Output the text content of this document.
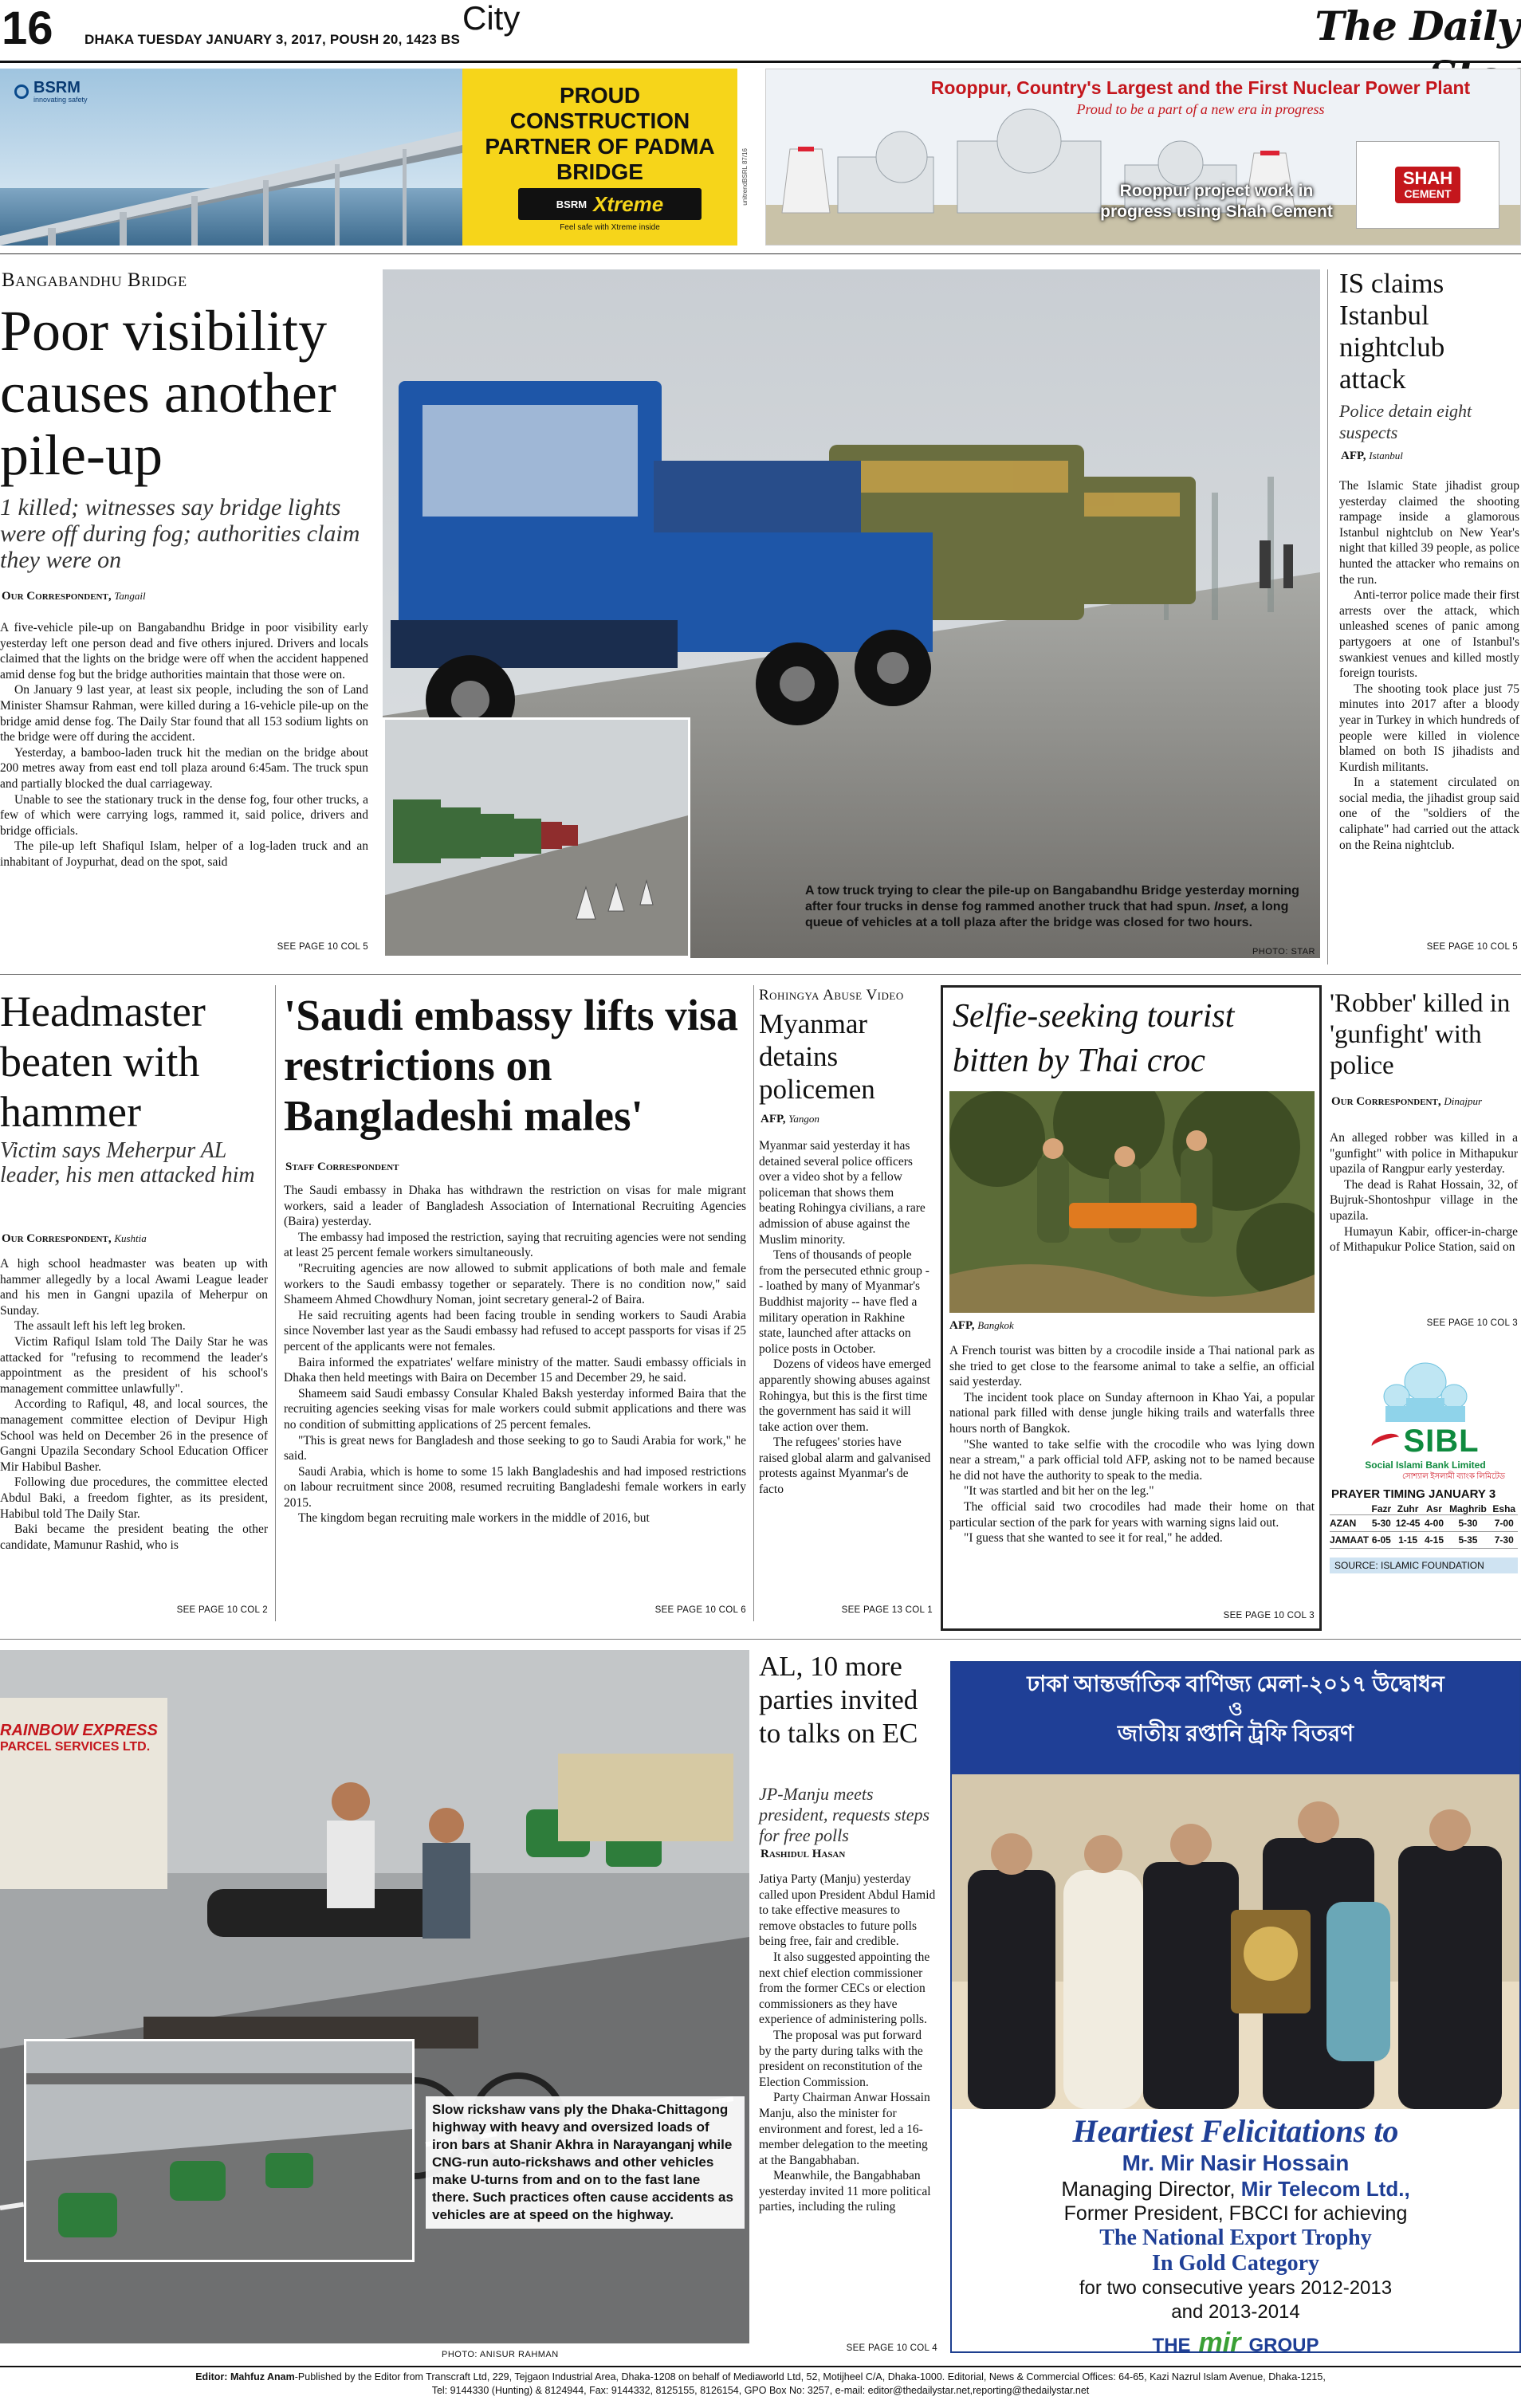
16 DHAKA TUESDAY JANUARY 3, 2017, POUSH 20, 1423 BS
City	The Daily
BSRM
innovating safety	PROUD CONSTRUCTION PARTNER OF PADMA BRIDGE
BSRM Xtreme
Feel safe with Xtreme inside
unitrendBSRL 87/16
Rooppur, Country's Largest and the First Nuclear Power Plant
Proud to be a part of a new era in progress
Rooppur project work in progress using Shah Cement
SHAH
CEMENT
Bangabandhu Bridge
Poor visibility causes another pile-up
1 killed; witnesses say bridge lights were off during fog; authorities claim they were on
Our Correspondent, Tangail

A five-vehicle pile-up on Bangabandhu Bridge in poor visibility early yesterday left one person dead and five others injured. Drivers and locals claimed that the lights on the bridge were off when the accident happened amid dense fog but the bridge authorities maintain that those were on.

On January 9 last year, at least six people, including the son of Land Minister Shamsur Rahman, were killed during a 16-vehicle pile-up on the bridge amid dense fog. The Daily Star found that all 153 sodium lights on the bridge were off during the accident.

Yesterday, a bamboo-laden truck hit the median on the bridge about 200 metres away from east end toll plaza around 6:45am. The truck spun and partially blocked the dual carriageway.

Unable to see the stationary truck in the dense fog, four other trucks, a few of which were carrying logs, rammed it, said police, drivers and bridge officials.

The pile-up left Shafiqul Islam, helper of a log-laden truck and an inhabitant of Joypurhat, dead on the spot, said

SEE PAGE 10 COL 5
A tow truck trying to clear the pile-up on Bangabandhu Bridge yesterday morning after four trucks in dense fog rammed another truck that had spun. Inset, a long queue of vehicles at a toll plaza after the bridge was closed for two hours.
PHOTO: STAR
IS claims Istanbul nightclub attack
Police detain eight suspects
AFP, Istanbul

The Islamic State jihadist group yesterday claimed the shooting rampage inside a glamorous Istanbul nightclub on New Year's night that killed 39 people, as police hunted the attacker who remains on the run.

Anti-terror police made their first arrests over the attack, which unleashed scenes of panic among partygoers at one of Istanbul's swankiest venues and killed mostly foreign tourists.

The shooting took place just 75 minutes into 2017 after a bloody year in Turkey in which hundreds of people were killed in violence blamed on both IS jihadists and Kurdish militants.

In a statement circulated on social media, the jihadist group said one of the "soldiers of the caliphate" had carried out the attack on the Reina nightclub.

SEE PAGE 10 COL 5
Headmaster beaten with hammer
Victim says Meherpur AL leader, his men attacked him
Our Correspondent, Kushtia

A high school headmaster was beaten up with hammer allegedly by a local Awami League leader and his men in Gangni upazila of Meherpur on Sunday.

The assault left his left leg broken.

Victim Rafiqul Islam told The Daily Star he was attacked for "refusing to recommend the leader's appointment as the president of his school's management committee unlawfully".

According to Rafiqul, 48, and local sources, the management committee election of Devipur High School was held on December 26 in the presence of Gangni Upazila Secondary School Education Officer Mir Habibul Basher.

Following due procedures, the committee elected Abdul Baki, a freedom fighter, as its president, Habibul told The Daily Star.

Baki became the president beating the other candidate, Mamunur Rashid, who is

SEE PAGE 10 COL 2
'Saudi embassy lifts visa restrictions on Bangladeshi males'
Staff Correspondent

The Saudi embassy in Dhaka has withdrawn the restriction on visas for male migrant workers, said a leader of Bangladesh Association of International Recruiting Agencies (Baira) yesterday.

The embassy had imposed the restriction, saying that recruiting agencies were not sending at least 25 percent female workers simultaneously.

"Recruiting agencies are now allowed to submit applications of both male and female workers to the Saudi embassy together or separately. There is no condition now," said Shameem Ahmed Chowdhury Noman, joint secretary general-2 of Baira.

He said recruiting agents had been facing trouble in sending workers to Saudi Arabia since November last year as the Saudi embassy had refused to accept passports for visas if 25 percent of the applicants were not females.

Baira informed the expatriates' welfare ministry of the matter. Saudi embassy officials in Dhaka then held meetings with Baira on December 15 and December 29, he said.

Shameem said Saudi embassy Consular Khaled Baksh yesterday informed Baira that the recruiting agencies seeking visas for male workers could submit applications and there was no condition of submitting applications of 25 percent females.

"This is great news for Bangladesh and those seeking to go to Saudi Arabia for work," he said.

Saudi Arabia, which is home to some 15 lakh Bangladeshis and had imposed restrictions on labour recruitment since 2008, resumed recruiting Bangladeshi female workers in early 2015.

The kingdom began recruiting male workers in the middle of 2016, but

SEE PAGE 10 COL 6
Rohingya Abuse Video
Myanmar detains policemen
AFP, Yangon

Myanmar said yesterday it has detained several police officers over a video shot by a fellow policeman that shows them beating Rohingya civilians, a rare admission of abuse against the Muslim minority.

Tens of thousands of people from the persecuted ethnic group -- loathed by many of Myanmar's Buddhist majority -- have fled a military operation in Rakhine state, launched after attacks on police posts in October.

Dozens of videos have emerged apparently showing abuses against Rohingya, but this is the first time the government has said it will take action over them.

The refugees' stories have raised global alarm and galvanised protests against Myanmar's de facto

SEE PAGE 13 COL 1
Selfie-seeking tourist bitten by Thai croc
AFP, Bangkok

A French tourist was bitten by a crocodile inside a Thai national park as she tried to get close to the fearsome animal to take a selfie, an official said yesterday.

The incident took place on Sunday afternoon in Khao Yai, a popular national park filled with dense jungle hiking trails and waterfalls three hours north of Bangkok.

"She wanted to take selfie with the crocodile who was lying down near a stream," a park official told AFP, asking not to be named because he did not have the authority to speak to the media.

"It was startled and bit her on the leg."

The official said two crocodiles had made their home on that particular section of the park for years with warning signs laid out.

"I guess that she wanted to see it for real," he added.

SEE PAGE 10 COL 3
'Robber' killed in 'gunfight' with police
Our Correspondent, Dinajpur

An alleged robber was killed in a "gunfight" with police in Mithapukur upazila of Rangpur early yesterday.

The dead is Rahat Hossain, 32, of Bujruk-Shontoshpur village in the upazila.

Humayun Kabir, officer-in-charge of Mithapukur Police Station, said on

SEE PAGE 10 COL 3
SIBL
Social Islami Bank Limited
সোশ্যাল ইসলামী ব্যাংক লিমিটেড
PRAYER TIMING JANUARY 3
	Fazr	Zuhr	Asr	Maghrib	Esha
AZAN	5-30	12-45	4-00	5-30	7-00
JAMAAT	6-05	1-15	4-15	5-35	7-30
SOURCE: ISLAMIC FOUNDATION
RAINBOW EXPRESS
PARCEL SERVICES LTD.
Slow rickshaw vans ply the Dhaka-Chittagong highway with heavy and oversized loads of iron bars at Shanir Akhra in Narayanganj while CNG-run auto-rickshaws and other vehicles make U-turns from and on to the fast lane there. Such practices often cause accidents as vehicles are at speed on the highway.
PHOTO: ANISUR RAHMAN
AL, 10 more parties invited to talks on EC
JP-Manju meets president, requests steps for free polls
Rashidul Hasan

Jatiya Party (Manju) yesterday called upon President Abdul Hamid to take effective measures to remove obstacles to future polls being free, fair and credible.

It also suggested appointing the next chief election commissioner from the former CECs or election commissioners as they have experience of administering polls.

The proposal was put forward by the party during talks with the president on reconstitution of the Election Commission.

Party Chairman Anwar Hossain Manju, also the minister for environment and forest, led a 16-member delegation to the meeting at the Bangabhaban.

Meanwhile, the Bangabhaban yesterday invited 11 more political parties, including the ruling

SEE PAGE 10 COL 4
ঢাকা আন্তর্জাতিক বাণিজ্য মেলা-২০১৭ উদ্বোধন
ও
জাতীয় রপ্তানি ট্রফি বিতরণ
Heartiest Felicitations to
Mr. Mir Nasir Hossain
Managing Director, Mir Telecom Ltd.,
Former President, FBCCI for achieving
The National Export Trophy
In Gold Category
for two consecutive years 2012-2013
and 2013-2014
THE mir GROUP
Editor: Mahfuz Anam-Published by the Editor from Transcraft Ltd, 229, Tejgaon Industrial Area, Dhaka-1208 on behalf of Mediaworld Ltd, 52, Motijheel C/A, Dhaka-1000. Editorial, News & Commercial Offices: 64-65, Kazi Nazrul Islam Avenue, Dhaka-1215,
Tel: 9144330 (Hunting) & 8124944, Fax: 9144332, 8125155, 8126154, GPO Box No: 3257, e-mail: editor@thedailystar.net,reporting@thedailystar.net
